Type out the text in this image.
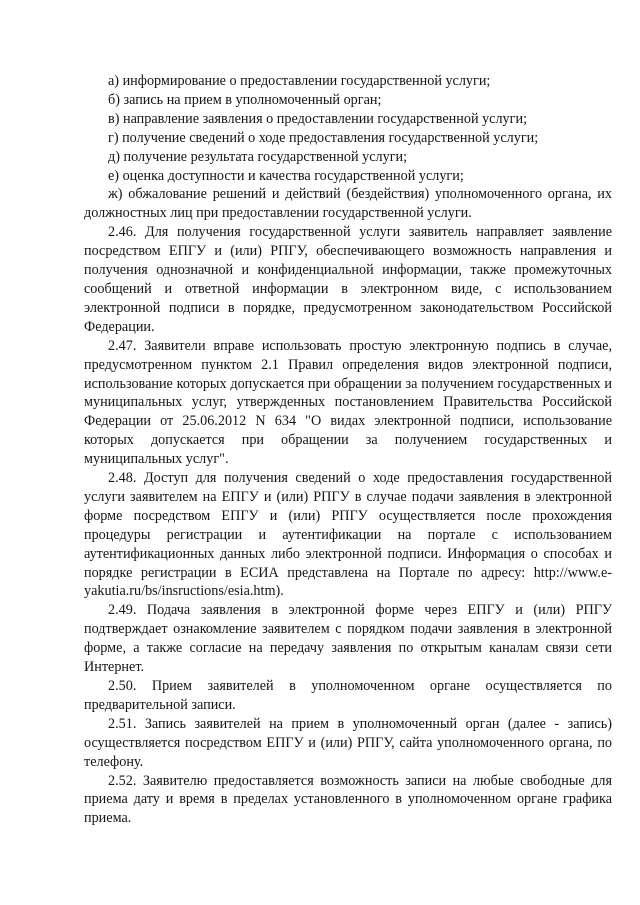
а) информирование о предоставлении государственной услуги;

б) запись на прием в уполномоченный орган;

в) направление заявления о предоставлении государственной услуги;

г) получение сведений о ходе предоставления государственной услуги;

д) получение результата государственной услуги;

е) оценка доступности и качества государственной услуги;

ж) обжалование решений и действий (бездействия) уполномоченного органа, их должностных лиц при предоставлении государственной услуги.

2.46. Для получения государственной услуги заявитель направляет заявление посредством ЕПГУ и (или) РПГУ, обеспечивающего возможность направления и получения однозначной и конфиденциальной информации, также промежуточных сообщений и ответной информации в электронном виде, с использованием электронной подписи в порядке, предусмотренном законодательством Российской Федерации.

2.47. Заявители вправе использовать простую электронную подпись в случае, предусмотренном пунктом 2.1 Правил определения видов электронной подписи, использование которых допускается при обращении за получением государственных и муниципальных услуг, утвержденных постановлением Правительства Российской Федерации от 25.06.2012 N 634 "О видах электронной подписи, использование которых допускается при обращении за получением государственных и муниципальных услуг".

2.48. Доступ для получения сведений о ходе предоставления государственной услуги заявителем на ЕПГУ и (или) РПГУ в случае подачи заявления в электронной форме посредством ЕПГУ и (или) РПГУ осуществляется после прохождения процедуры регистрации и аутентификации на портале с использованием аутентификационных данных либо электронной подписи. Информация о способах и порядке регистрации в ЕСИА представлена на Портале по адресу: http://www.e-yakutia.ru/bs/insructions/esia.htm).

2.49. Подача заявления в электронной форме через ЕПГУ и (или) РПГУ подтверждает ознакомление заявителем с порядком подачи заявления в электронной форме, а также согласие на передачу заявления по открытым каналам связи сети Интернет.

2.50. Прием заявителей в уполномоченном органе осуществляется по предварительной записи.

2.51. Запись заявителей на прием в уполномоченный орган (далее - запись) осуществляется посредством ЕПГУ и (или) РПГУ, сайта уполномоченного органа, по телефону.

2.52. Заявителю предоставляется возможность записи на любые свободные для приема дату и время в пределах установленного в уполномоченном органе графика приема.
